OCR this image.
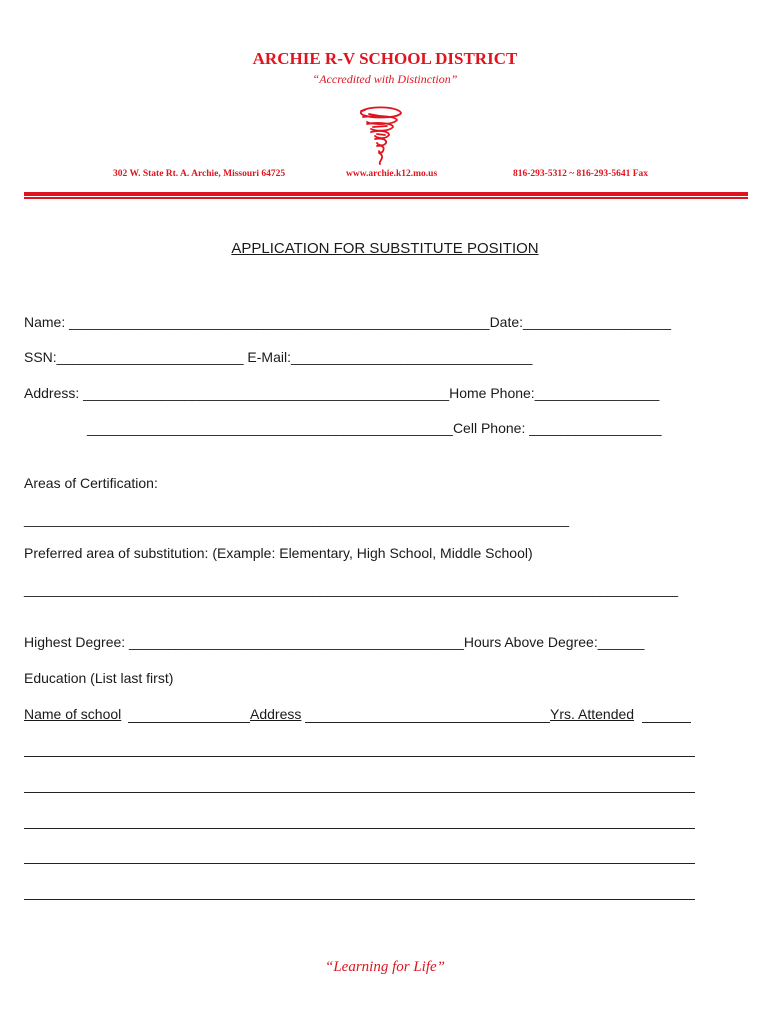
ARCHIE R-V SCHOOL DISTRICT
“Accredited with Distinction”
302 W. State Rt. A. Archie, Missouri 64725	www.archie.k12.mo.us	816-293-5312 ~ 816-293-5641 Fax
APPLICATION FOR SUBSTITUTE POSITION
Name: ______________________________________________________Date:___________________
SSN:________________________ E-Mail:_______________________________
Address: _______________________________________________Home Phone:________________
_______________________________________________Cell Phone: _________________
Areas of Certification:
______________________________________________________________________
Preferred area of substitution: (Example: Elementary, High School, Middle School)
____________________________________________________________________________________
Highest Degree: ___________________________________________Hours Above Degree:______
Education (List last first)
Name of school	Address	Yrs. Attended
“Learning for Life”
